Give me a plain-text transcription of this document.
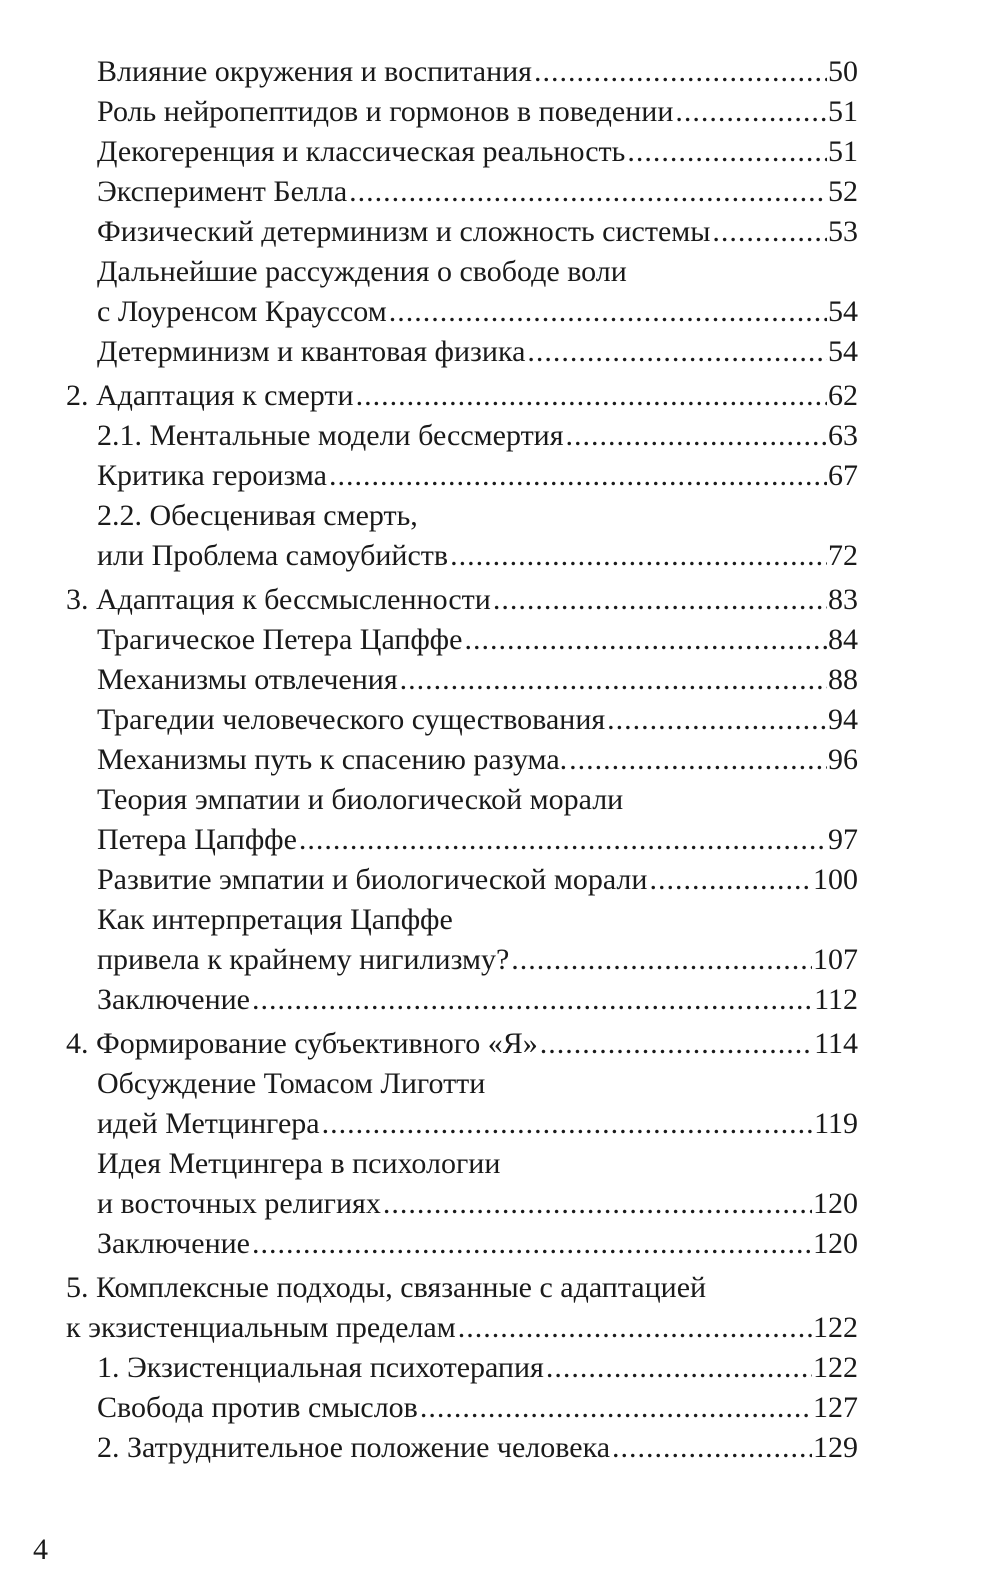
Влияние окружения и воспитания .....	50
Роль нейропептидов и гормонов в поведении .....	51
Декогеренция и классическая реальность .....	51
Эксперимент Белла .....	52
Физический детерминизм и сложность системы .....	53
Дальнейшие рассуждения о свободе воли
с Лоуренсом Крауссом .....	54
Детерминизм и квантовая физика .....	54
2. Адаптация к смерти .....	62
2.1. Ментальные модели бессмертия .....	63
Критика героизма .....	67
2.2. Обесценивая смерть,
или Проблема самоубийств .....	72
3. Адаптация к бессмысленности .....	83
Трагическое Петера Цапффе .....	84
Механизмы отвлечения .....	88
Трагедии человеческого существования .....	94
Механизмы путь к спасению разума. .....	96
Теория эмпатии и биологической морали
Петера Цапффе .....	97
Развитие эмпатии и биологической морали .....	100
Как интерпретация Цапффе
привела к крайнему нигилизму? .....	107
Заключение .....	112
4. Формирование субъективного «Я» .....	114
Обсуждение Томасом Лиготти
идей Метцингера .....	119
Идея Метцингера в психологии
и восточных религиях .....	120
Заключение .....	120
5. Комплексные подходы, связанные с адаптацией
к экзистенциальным пределам .....	122
1. Экзистенциальная психотерапия .....	122
Свобода против смыслов .....	127
2. Затруднительное положение человека .....	129
4
